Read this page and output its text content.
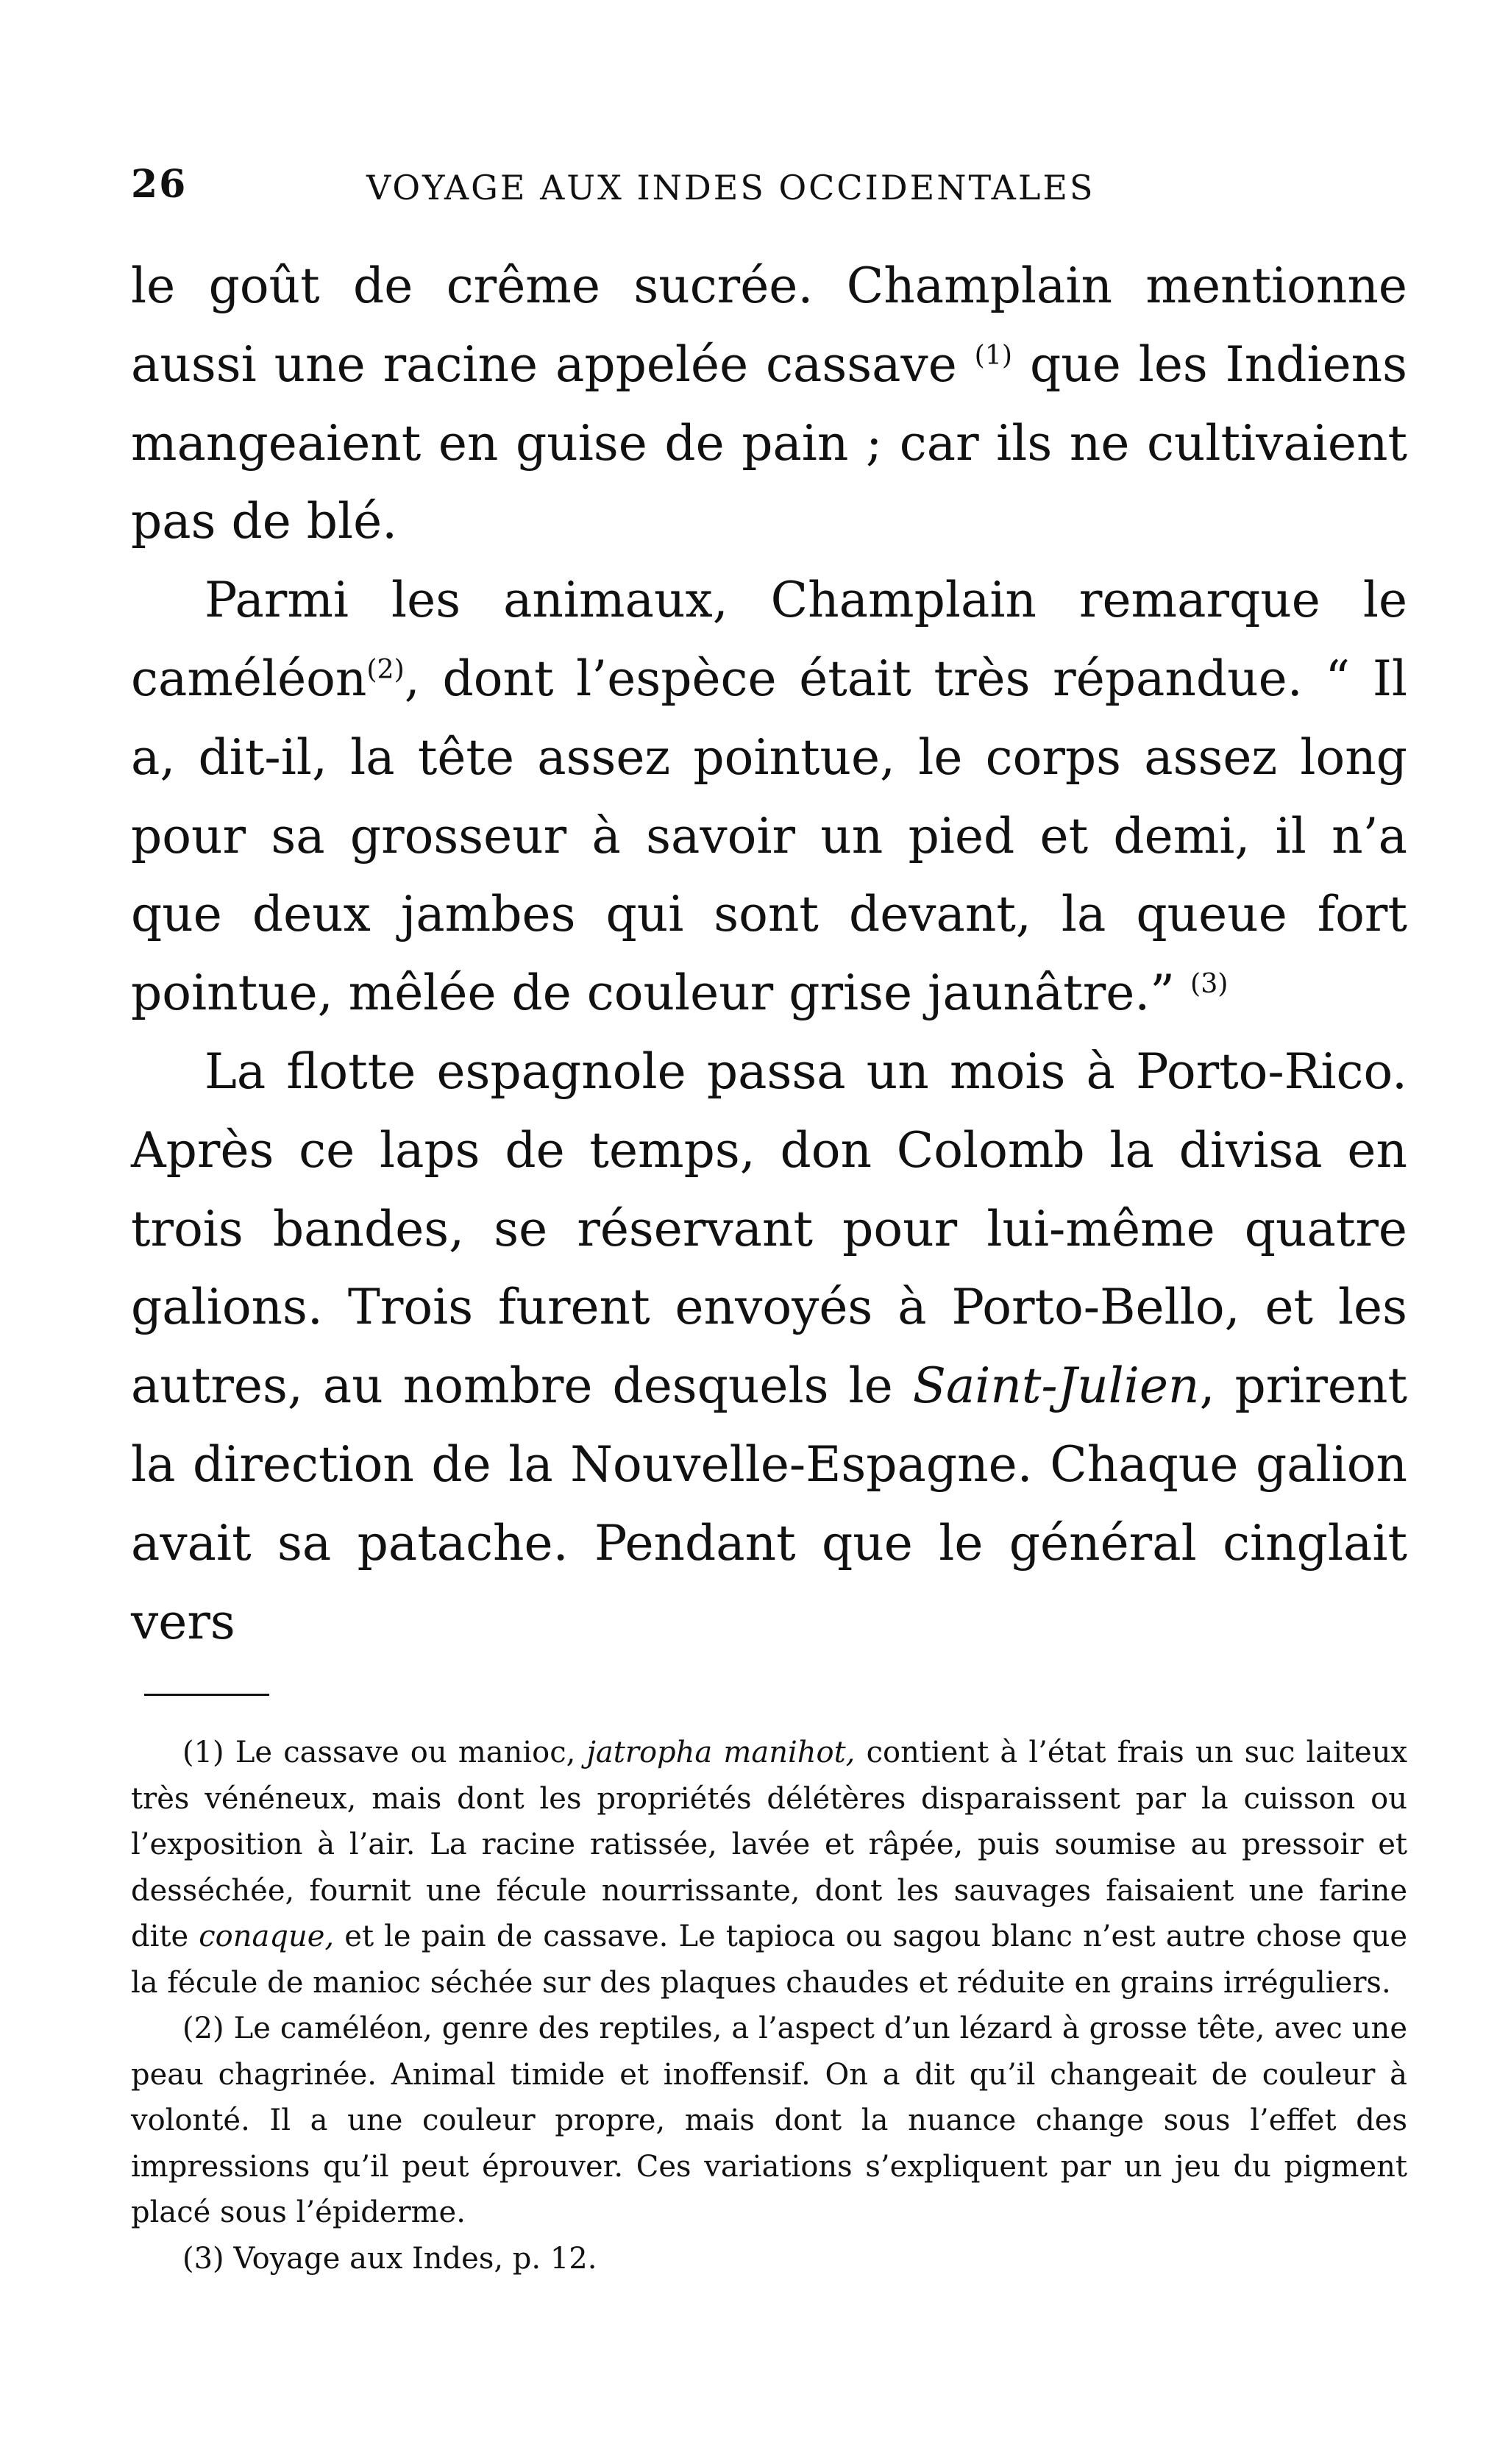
26	VOYAGE AUX INDES OCCIDENTALES

le goût de crême sucrée. Champlain mentionne aussi une racine appelée cassave $^{(1)}$ que les Indiens mangeaient en guise de pain ; car ils ne cultivaient pas de blé.

Parmi les animaux, Champlain remarque le caméléon$^{(2)}$, dont l’espèce était très répandue. “ Il a, dit-il, la tête assez pointue, le corps assez long pour sa grosseur à savoir un pied et demi, il n’a que deux jambes qui sont devant, la queue fort pointue, mêlée de couleur grise jaunâtre.” $^{(3)}$

La flotte espagnole passa un mois à Porto-Rico. Après ce laps de temps, don Colomb la divisa en trois bandes, se réservant pour lui-même quatre galions. Trois furent envoyés à Porto-Bello, et les autres, au nombre desquels le Saint-Julien, prirent la direction de la Nouvelle-Espagne. Chaque galion avait sa patache. Pendant que le général cinglait vers

(1) Le cassave ou manioc, jatropha manihot, contient à l’état frais un suc laiteux très vénéneux, mais dont les propriétés délétères disparaissent par la cuisson ou l’exposition à l’air. La racine ratissée, lavée et râpée, puis soumise au pressoir et desséchée, fournit une fécule nourrissante, dont les sauvages faisaient une farine dite conaque, et le pain de cassave. Le tapioca ou sagou blanc n’est autre chose que la fécule de manioc séchée sur des plaques chaudes et réduite en grains irréguliers.

(2) Le caméléon, genre des reptiles, a l’aspect d’un lézard à grosse tête, avec une peau chagrinée. Animal timide et inoffensif. On a dit qu’il changeait de couleur à volonté. Il a une couleur propre, mais dont la nuance change sous l’effet des impressions qu’il peut éprouver. Ces variations s’expliquent par un jeu du pigment placé sous l’épiderme.

(3) Voyage aux Indes, p. 12.
